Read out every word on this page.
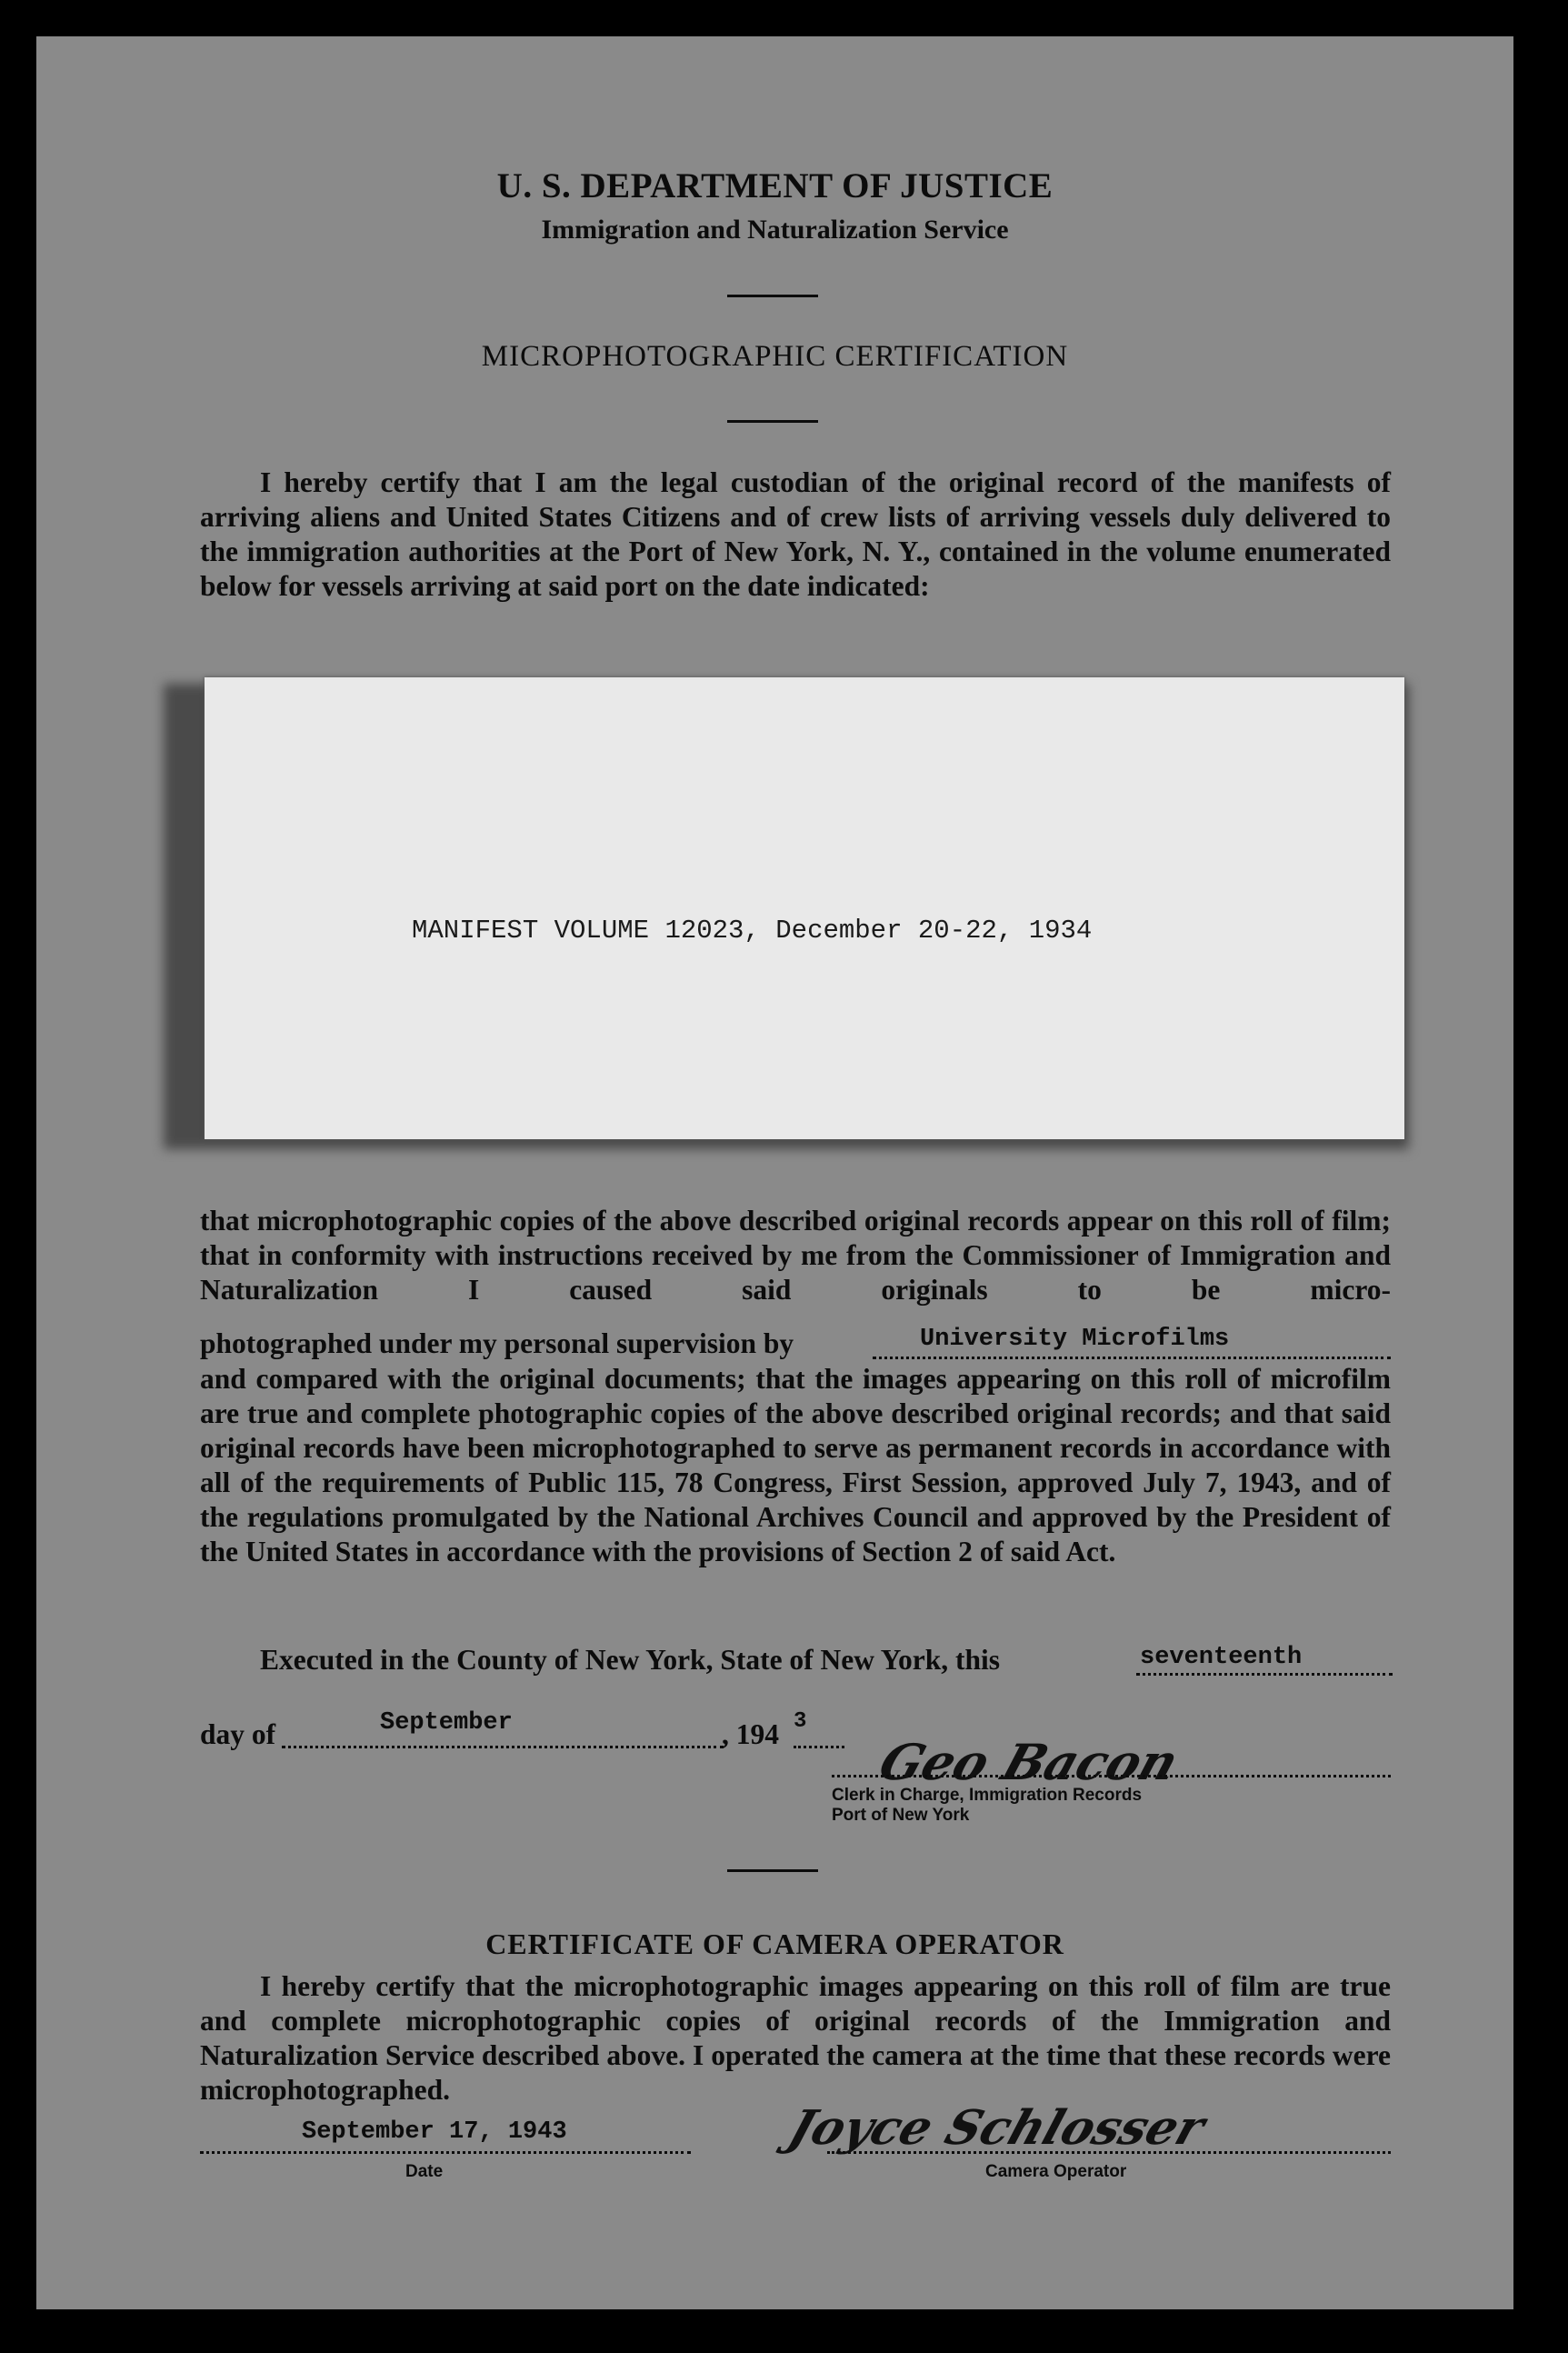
U. S. DEPARTMENT OF JUSTICE
Immigration and Naturalization Service
MICROPHOTOGRAPHIC CERTIFICATION
I hereby certify that I am the legal custodian of the original record of the manifests of arriving aliens and United States Citizens and of crew lists of arriving vessels duly delivered to the immigration authorities at the Port of New York, N. Y., contained in the volume enumerated below for vessels arriving at said port on the date indicated:
MANIFEST VOLUME 12023, December 20-22, 1934
that microphotographic copies of the above described original records appear on this roll of film; that in conformity with instructions received by me from the Commissioner of Immigration and Naturalization I caused said originals to be micro-
photographed under my personal supervision by	University Microfilms
and compared with the original documents; that the images appearing on this roll of microfilm are true and complete photographic copies of the above described original records; and that said original records have been microphotographed to serve as permanent records in accordance with all of the requirements of Public 115, 78 Congress, First Session, approved July 7, 1943, and of the regulations promulgated by the National Archives Council and approved by the President of the United States in accordance with the provisions of Section 2 of said Act.
Executed in the County of New York, State of New York, this	seventeenth
day of	September	, 194 3
Geo Bacon
Clerk in Charge, Immigration Records
Port of New York
CERTIFICATE OF CAMERA OPERATOR
I hereby certify that the microphotographic images appearing on this roll of film are true and complete microphotographic copies of original records of the Immigration and Naturalization Service described above. I operated the camera at the time that these records were microphotographed.
September 17, 1943
Date
Joyce Schlosser
Camera Operator
